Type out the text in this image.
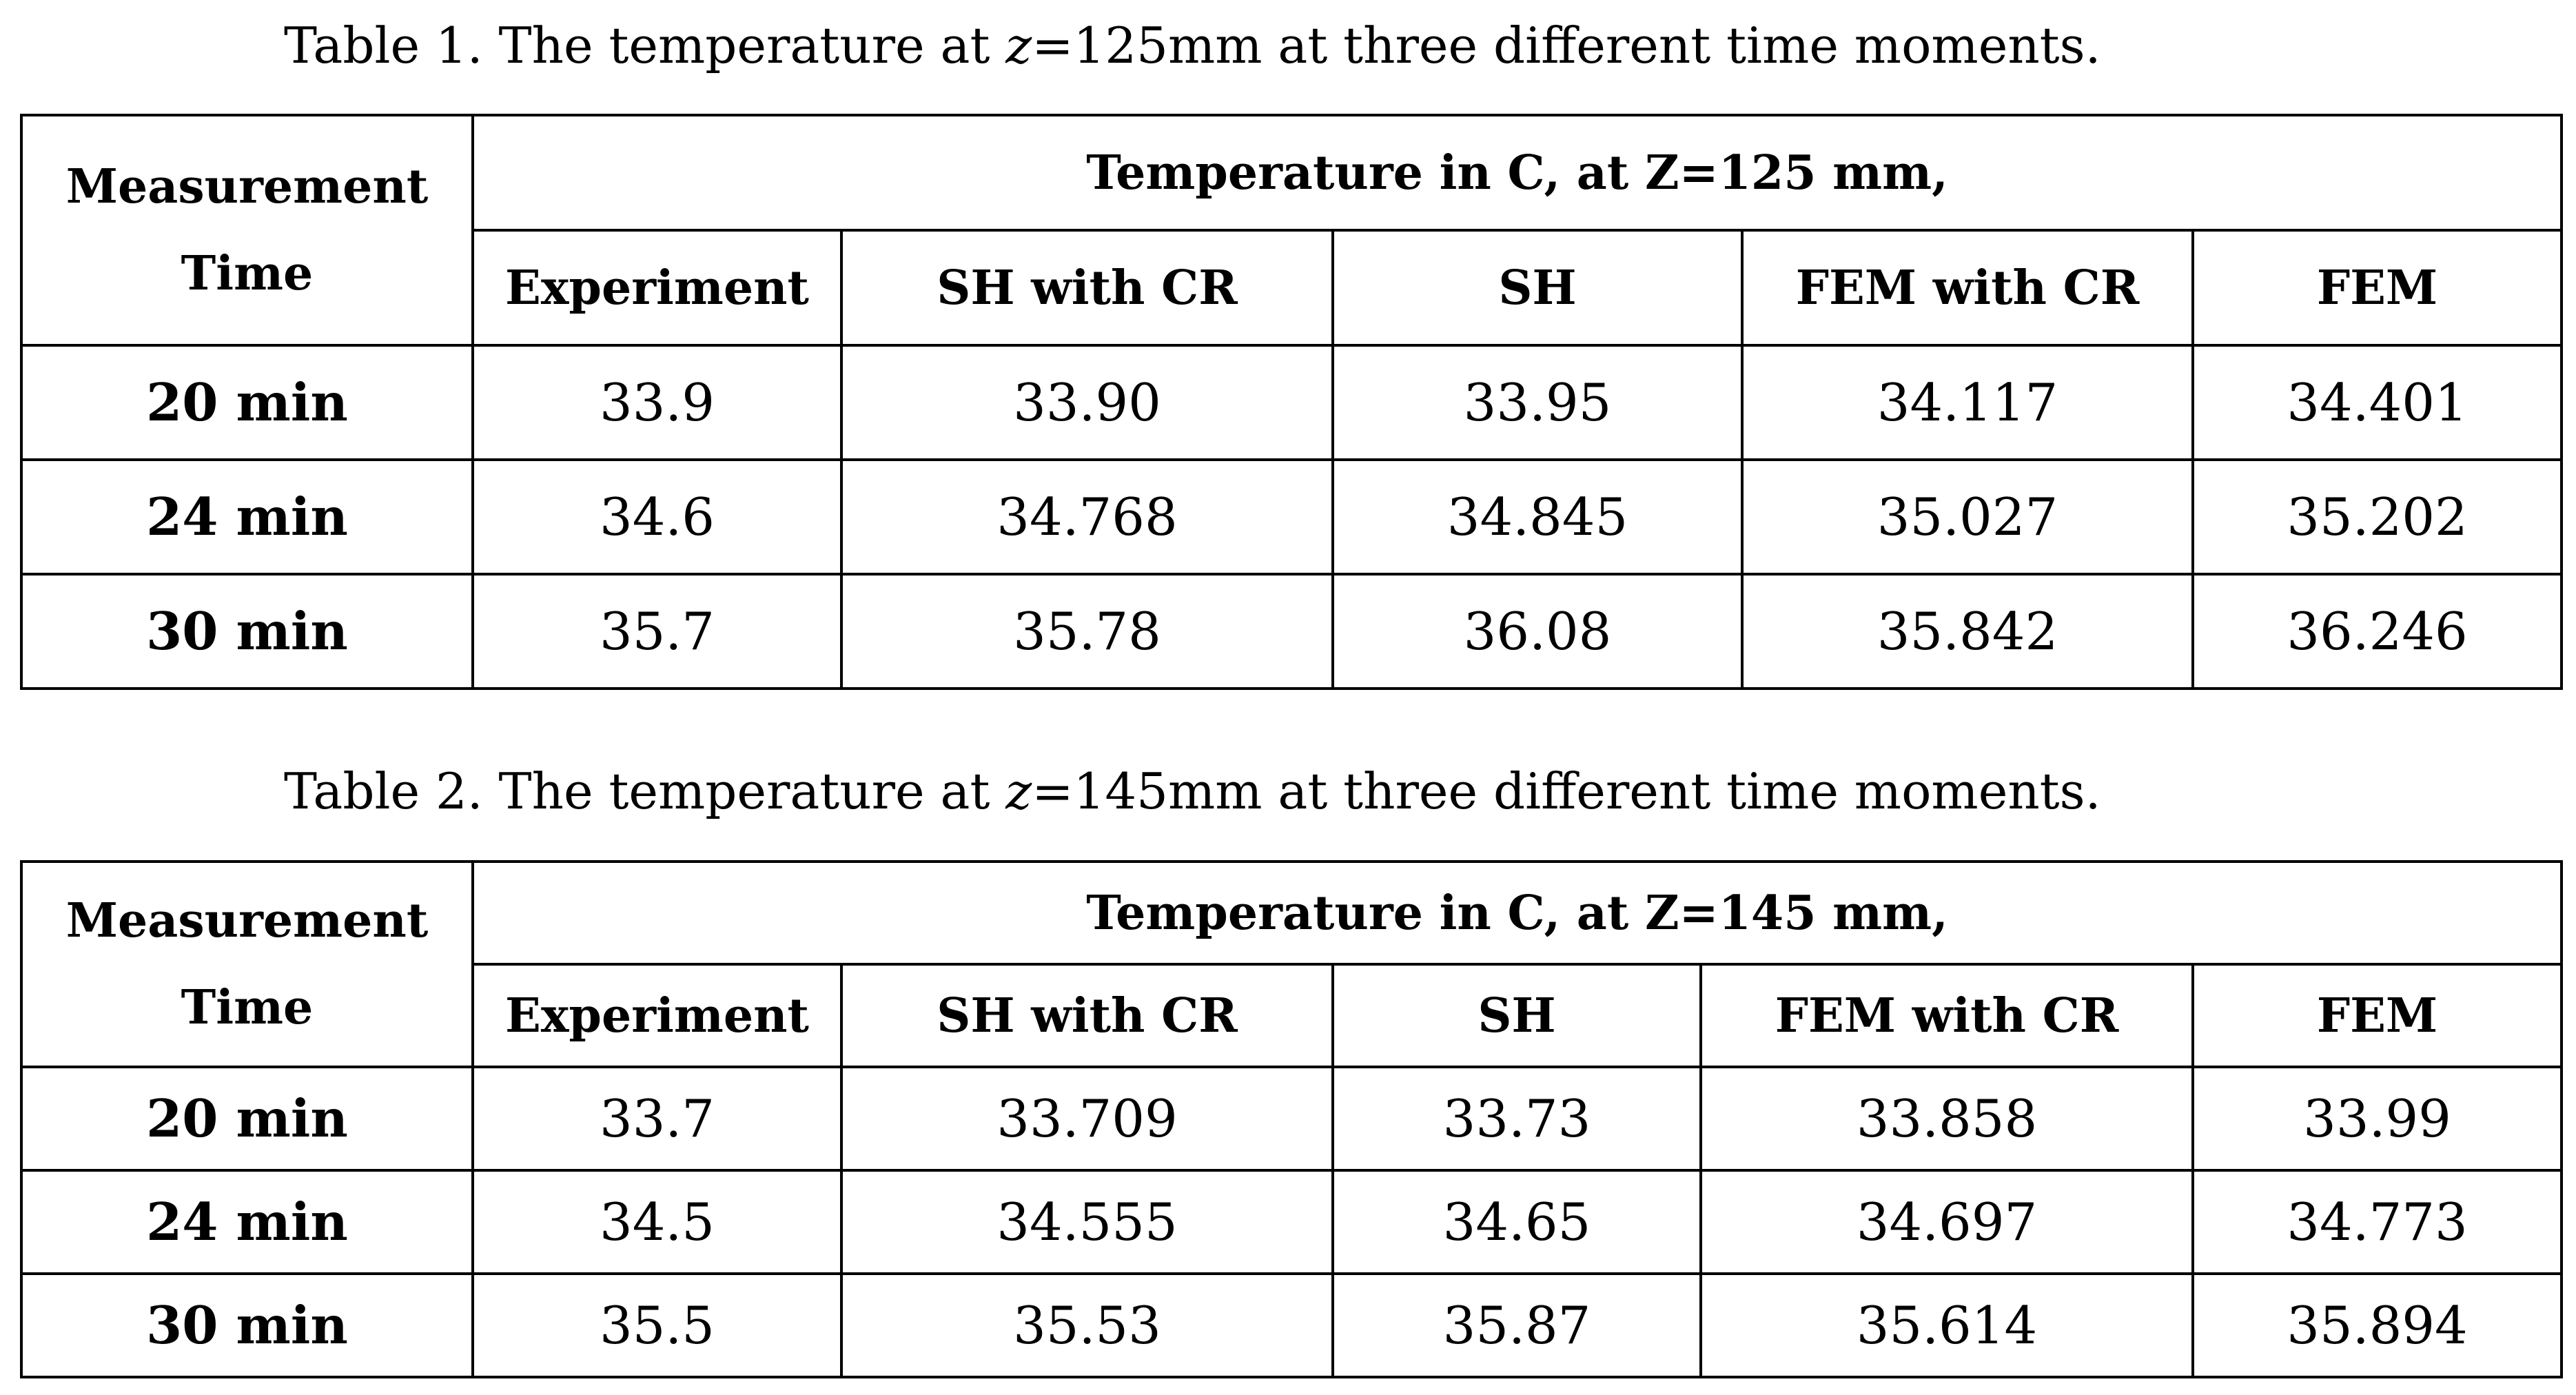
Table 1. The temperature at z=125mm at three different time moments.
Measurement
Time	Temperature in C, at Z=125 mm,				
	Experiment	SH with CR	SH	FEM with CR	FEM
20 min	33.9	33.90	33.95	34.117	34.401
24 min	34.6	34.768	34.845	35.027	35.202
30 min	35.7	35.78	36.08	35.842	36.246
Table 2. The temperature at z=145mm at three different time moments.
Measurement
Time	Temperature in C, at Z=145 mm,				
	Experiment	SH with CR	SH	FEM with CR	FEM
20 min	33.7	33.709	33.73	33.858	33.99
24 min	34.5	34.555	34.65	34.697	34.773
30 min	35.5	35.53	35.87	35.614	35.894
